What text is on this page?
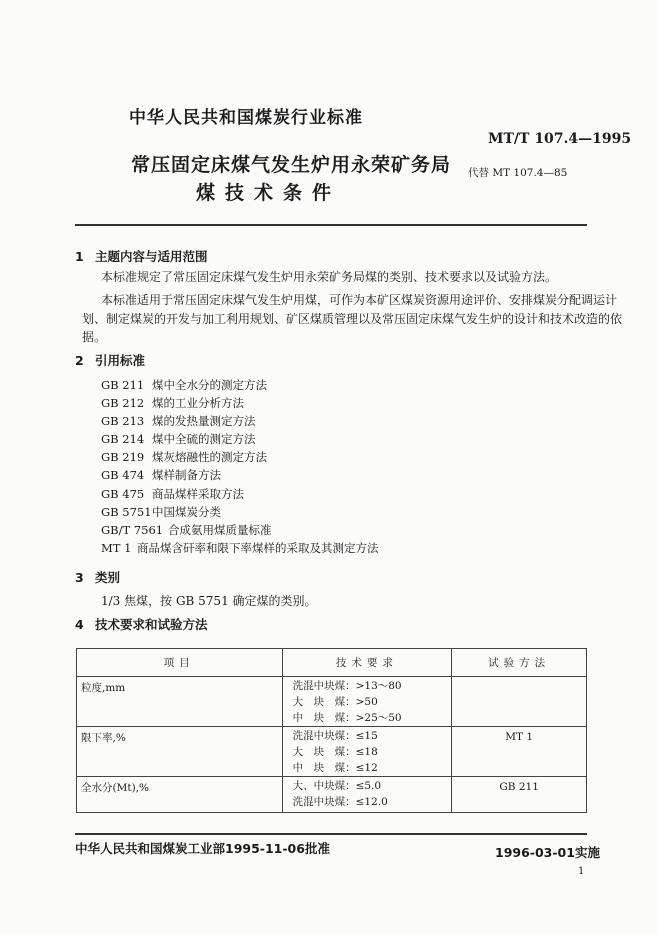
中华人民共和国煤炭行业标准
MT/T 107.4—1995
常压固定床煤气发生炉用永荣矿务局
煤技术条件
代替 MT 107.4—85
1 主题内容与适用范围
本标准规定了常压固定床煤气发生炉用永荣矿务局煤的类别、技术要求以及试验方法。
本标准适用于常压固定床煤气发生炉用煤，可作为本矿区煤炭资源用途评价、安排煤炭分配调运计
划、制定煤炭的开发与加工利用规划、矿区煤质管理以及常压固定床煤气发生炉的设计和技术改造的依
据。
2 引用标准
GB 211 煤中全水分的测定方法
GB 212 煤的工业分析方法
GB 213 煤的发热量测定方法
GB 214 煤中全硫的测定方法
GB 219 煤灰熔融性的测定方法
GB 474 煤样制备方法
GB 475 商品煤样采取方法
GB 5751中国煤炭分类
GB/T 7561 合成氨用煤质量标准
MT 1 商品煤含矸率和限下率煤样的采取及其测定方法
3 类别
1/3 焦煤，按 GB 5751 确定煤的类别。
4 技术要求和试验方法
项目	技术要求	试验方法
粒度,mm	洗混中块煤：>13～80
大　块　煤：>50
中　块　煤：>25～50	

限下率,%	洗混中块煤：≤15
大　块　煤：≤18
中　块　煤：≤12	MT 1

全水分(Mt),%	大、中块煤：≤5.0
洗混中块煤：≤12.0	GB 211
中华人民共和国煤炭工业部1995-11-06批准	1996-03-01实施
1
